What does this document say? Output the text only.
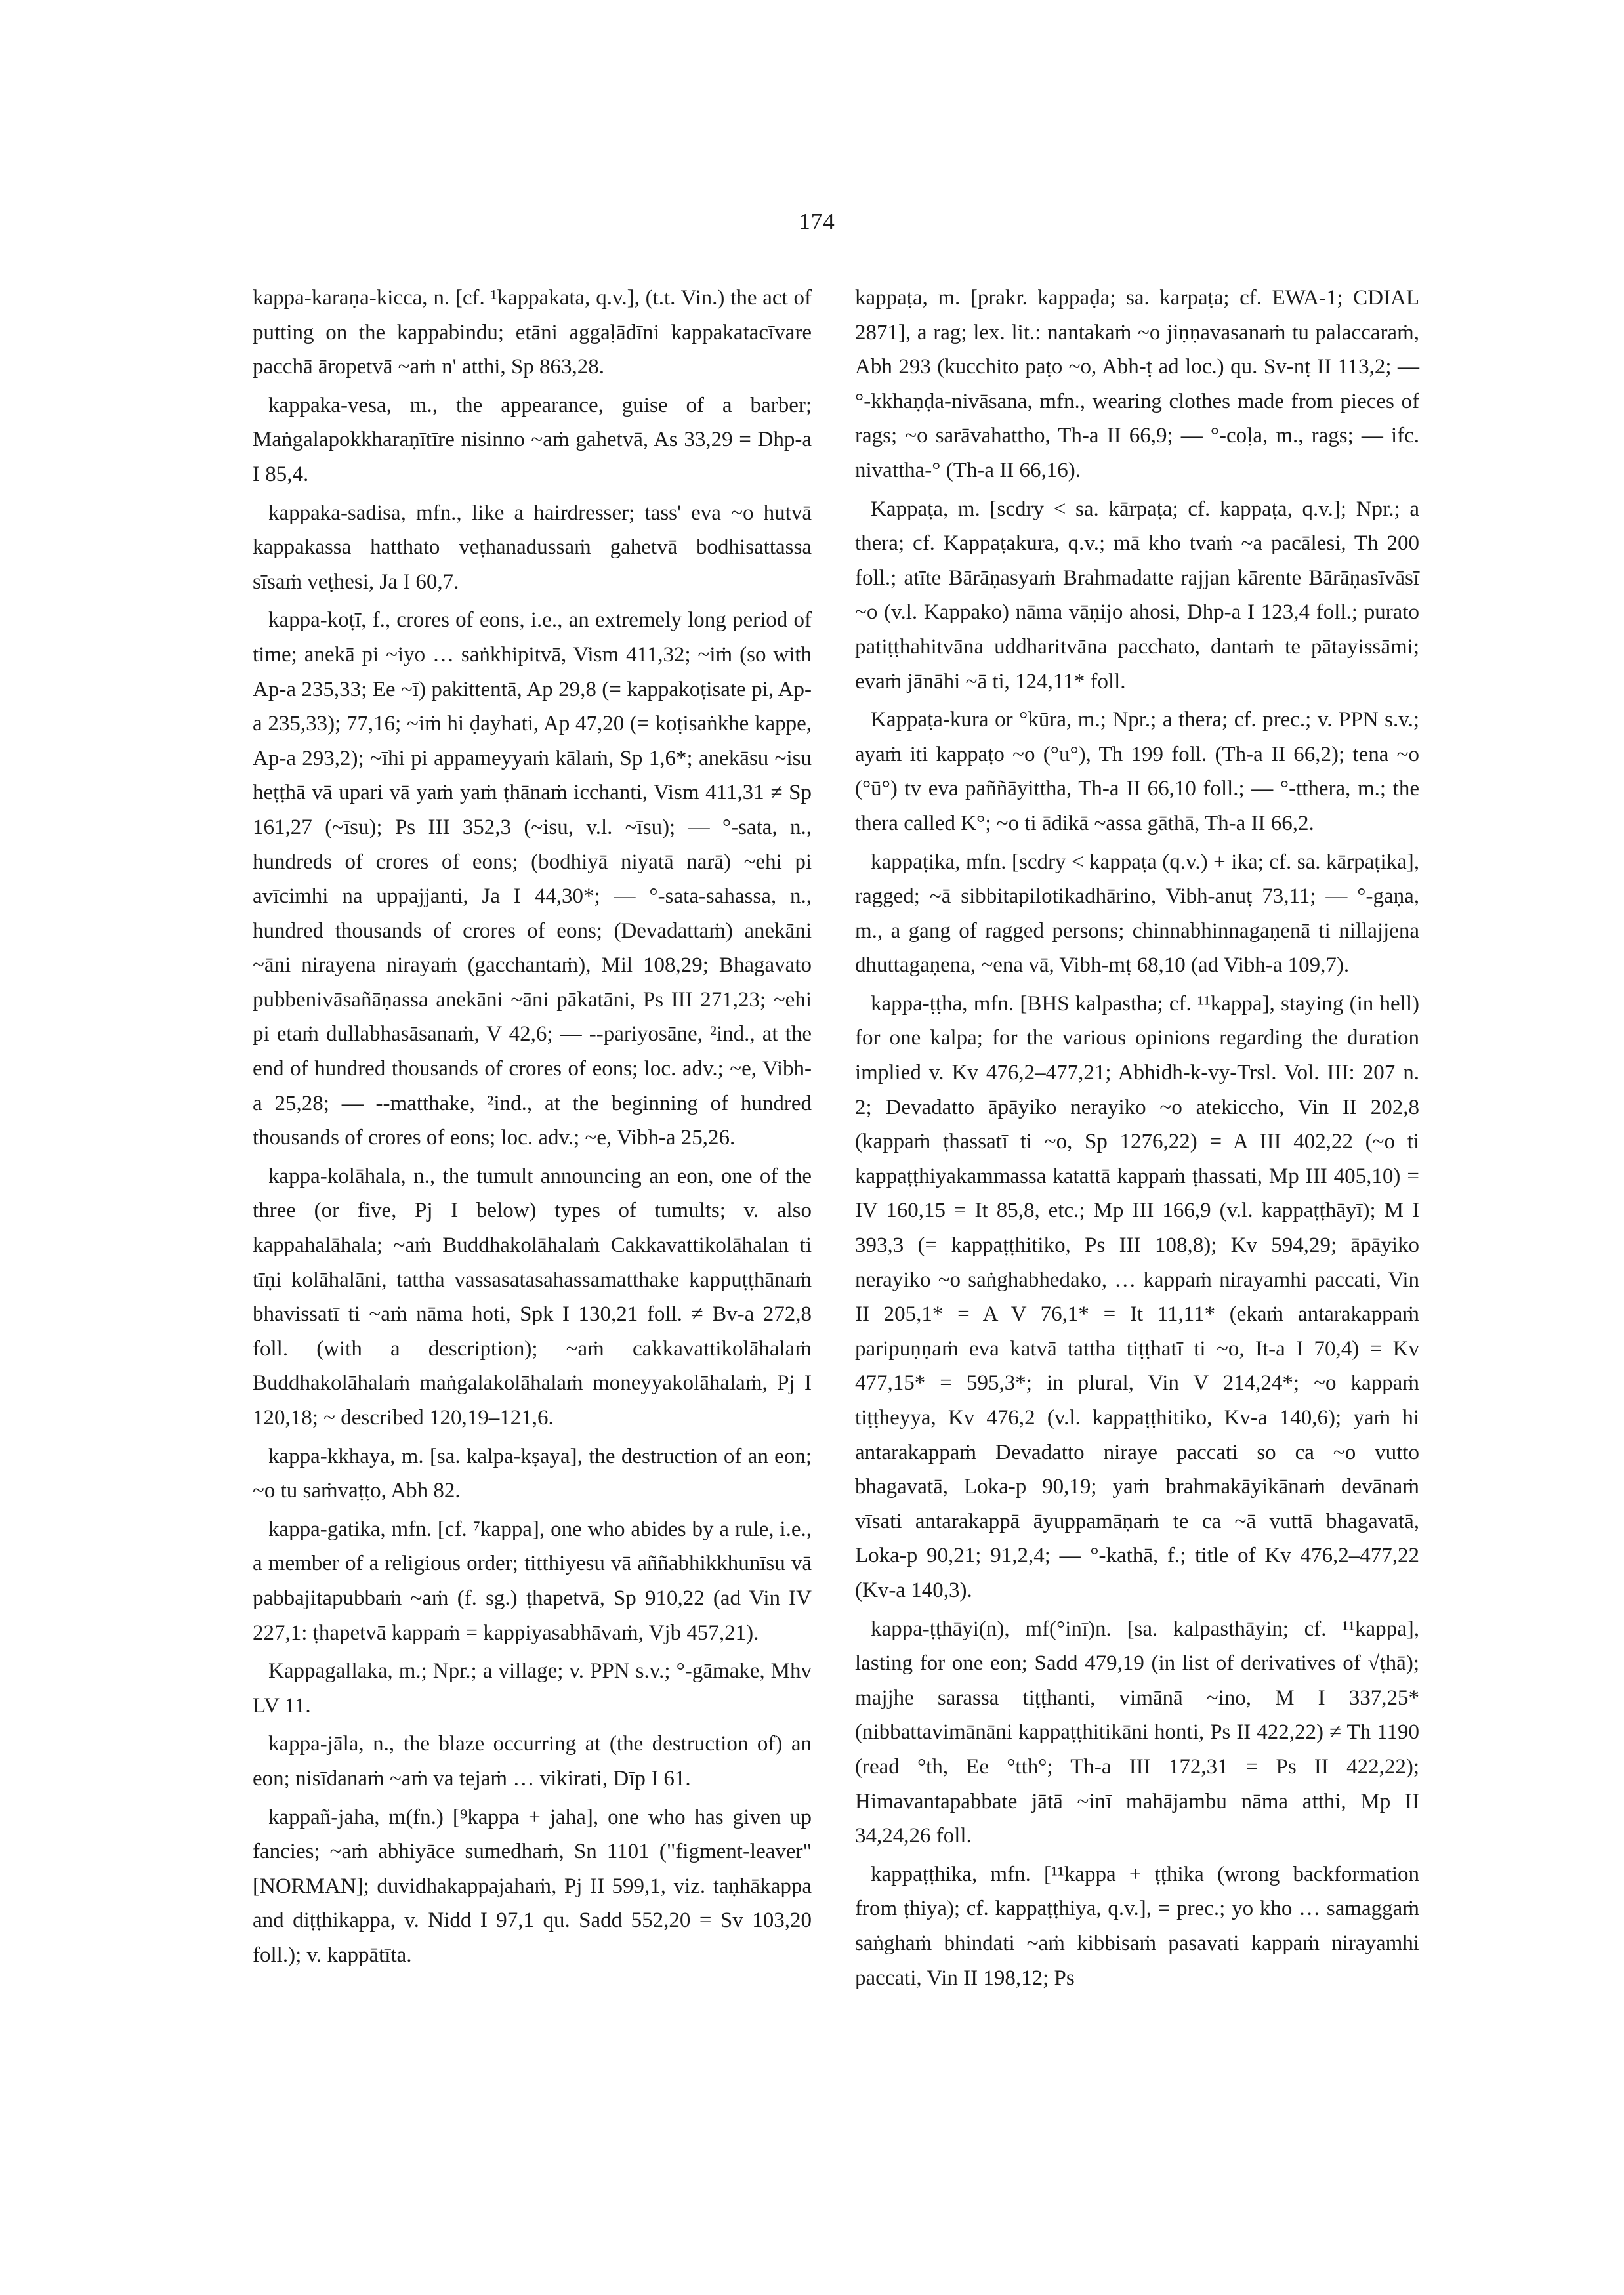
174

kappa-karaṇa-kicca, n. [cf. ¹kappakata, q.v.], (t.t. Vin.) the act of putting on the kappabindu; etāni aggaḷādīni kappakataсīvare pacchā āropetvā ~aṁ n' atthi, Sp 863,28.

kappaka-vesa, m., the appearance, guise of a barber; Maṅgalapokkharaṇītīre nisinno ~aṁ gahetvā, As 33,29 = Dhp-a I 85,4.

kappaka-sadisa, mfn., like a hairdresser; tass' eva ~o hutvā kappakassa hatthato veṭhanadussaṁ gahetvā bodhisattassa sīsaṁ veṭhesi, Ja I 60,7.

kappa-koṭī, f., crores of eons, i.e., an extremely long period of time; anekā pi ~iyo … saṅkhipitvā, Vism 411,32; ~iṁ (so with Ap-a 235,33; Ee ~ī) pakittentā, Ap 29,8 (= kappakoṭisate pi, Ap-a 235,33); 77,16; ~iṁ hi ḍayhati, Ap 47,20 (= koṭisaṅkhe kappe, Ap-a 293,2); ~īhi pi appameyyaṁ kālaṁ, Sp 1,6*; anekāsu ~isu heṭṭhā vā upari vā yaṁ yaṁ ṭhānaṁ icchanti, Vism 411,31 ≠ Sp 161,27 (~īsu); Ps III 352,3 (~isu, v.l. ~īsu); — °-sata, n., hundreds of crores of eons; (bodhiyā niyatā narā) ~ehi pi avīcimhi na uppajjanti, Ja I 44,30*; — °-sata-sahassa, n., hundred thousands of crores of eons; (Devadattaṁ) anekāni ~āni nirayena nirayaṁ (gacchantaṁ), Mil 108,29; Bhagavato pubbenivāsañāṇassa anekāni ~āni pākatāni, Ps III 271,23; ~ehi pi etaṁ dullabhasāsanaṁ, V 42,6; — --pariyosāne, ²ind., at the end of hundred thousands of crores of eons; loc. adv.; ~e, Vibh-a 25,28; — --matthake, ²ind., at the beginning of hundred thousands of crores of eons; loc. adv.; ~e, Vibh-a 25,26.

kappa-kolāhala, n., the tumult announcing an eon, one of the three (or five, Pj I below) types of tumults; v. also kappahalāhala; ~aṁ Buddhakolāhalaṁ Cakkavattikolāhalan ti tīṇi kolāhalāni, tattha vassasatasahassamatthake kappuṭṭhānaṁ bhavissatī ti ~aṁ nāma hoti, Spk I 130,21 foll. ≠ Bv-a 272,8 foll. (with a description); ~aṁ cakkavattikolāhalaṁ Buddhakolāhalaṁ maṅgalakolāhalaṁ moneyyakolāhalaṁ, Pj I 120,18; ~ described 120,19–121,6.

kappa-kkhaya, m. [sa. kalpa-kṣaya], the destruction of an eon; ~o tu saṁvaṭṭo, Abh 82.

kappa-gatika, mfn. [cf. ⁷kappa], one who abides by a rule, i.e., a member of a religious order; titthiyesu vā aññabhikkhunīsu vā pabbajitapubbaṁ ~aṁ (f. sg.) ṭhapetvā, Sp 910,22 (ad Vin IV 227,1: ṭhapetvā kappaṁ = kappiyasabhāvaṁ, Vjb 457,21).

Kappagallaka, m.; Npr.; a village; v. PPN s.v.; °-gāmake, Mhv LV 11.

kappa-jāla, n., the blaze occurring at (the destruction of) an eon; nisīdanaṁ ~aṁ va tejaṁ … vikirati, Dīp I 61.

kappañ-jaha, m(fn.) [⁹kappa + jaha], one who has given up fancies; ~aṁ abhiyāce sumedhaṁ, Sn 1101 ("figment-leaver" [NORMAN]; duvidhakappajahaṁ, Pj II 599,1, viz. taṇhākappa and diṭṭhikappa, v. Nidd I 97,1 qu. Sadd 552,20 = Sv 103,20 foll.); v. kappātīta.

kappaṭa, m. [prakr. kappaḍa; sa. karpaṭa; cf. EWA-1; CDIAL 2871], a rag; lex. lit.: nantakaṁ ~o jiṇṇavasanaṁ tu palaccaraṁ, Abh 293 (kucchito paṭo ~o, Abh-ṭ ad loc.) qu. Sv-nṭ II 113,2; — °-kkhaṇḍa-nivāsana, mfn., wearing clothes made from pieces of rags; ~o sarāvahattho, Th-a II 66,9; — °-coḷa, m., rags; — ifc. nivattha-° (Th-a II 66,16).

Kappaṭa, m. [scdry < sa. kārpaṭa; cf. kappaṭa, q.v.]; Npr.; a thera; cf. Kappaṭakura, q.v.; mā kho tvaṁ ~a pacālesi, Th 200 foll.; atīte Bārāṇasyaṁ Brahmadatte rajjan kārente Bārāṇasīvāsī ~o (v.l. Kappako) nāma vāṇijo ahosi, Dhp-a I 123,4 foll.; purato patiṭṭhahitvāna uddharitvāna pacchato, dantaṁ te pātayissāmi; evaṁ jānāhi ~ā ti, 124,11* foll.

Kappaṭa-kura or °kūra, m.; Npr.; a thera; cf. prec.; v. PPN s.v.; ayaṁ iti kappaṭo ~o (°u°), Th 199 foll. (Th-a II 66,2); tena ~o (°ū°) tv eva paññāyittha, Th-a II 66,10 foll.; — °-tthera, m.; the thera called K°; ~o ti ādikā ~assa gāthā, Th-a II 66,2.

kappaṭika, mfn. [scdry < kappaṭa (q.v.) + ika; cf. sa. kārpaṭika], ragged; ~ā sibbitapilotikadhārino, Vibh-anuṭ 73,11; — °-gaṇa, m., a gang of ragged persons; chinnabhinnagaṇenā ti nillajjena dhuttagaṇena, ~ena vā, Vibh-mṭ 68,10 (ad Vibh-a 109,7).

kappa-ṭṭha, mfn. [BHS kalpastha; cf. ¹¹kappa], staying (in hell) for one kalpa; for the various opinions regarding the duration implied v. Kv 476,2–477,21; Abhidh-k-vy-Trsl. Vol. III: 207 n. 2; Devadatto āpāyiko nerayiko ~o atekiccho, Vin II 202,8 (kappaṁ ṭhassatī ti ~o, Sp 1276,22) = A III 402,22 (~o ti kappaṭṭhiyakammassa katattā kappaṁ ṭhassati, Mp III 405,10) = IV 160,15 = It 85,8, etc.; Mp III 166,9 (v.l. kappaṭṭhāyī); M I 393,3 (= kappaṭṭhitiko, Ps III 108,8); Kv 594,29; āpāyiko nerayiko ~o saṅghabhedako, … kappaṁ nirayamhi paccati, Vin II 205,1* = A V 76,1* = It 11,11* (ekaṁ antarakappaṁ paripuṇṇaṁ eva katvā tattha tiṭṭhatī ti ~o, It-a I 70,4) = Kv 477,15* = 595,3*; in plural, Vin V 214,24*; ~o kappaṁ tiṭṭheyya, Kv 476,2 (v.l. kappaṭṭhitiko, Kv-a 140,6); yaṁ hi antarakappaṁ Devadatto niraye paccati so ca ~o vutto bhagavatā, Loka-p 90,19; yaṁ brahmakāyikānaṁ devānaṁ vīsati antarakappā āyuppamāṇaṁ te ca ~ā vuttā bhagavatā, Loka-p 90,21; 91,2,4; — °-kathā, f.; title of Kv 476,2–477,22 (Kv-a 140,3).

kappa-ṭṭhāyi(n), mf(°inī)n. [sa. kalpasthāyin; cf. ¹¹kappa], lasting for one eon; Sadd 479,19 (in list of derivatives of √ṭhā); majjhe sarassa tiṭṭhanti, vimānā ~ino, M I 337,25* (nibbattavimānāni kappaṭṭhitikāni honti, Ps II 422,22) ≠ Th 1190 (read °th, Ee °tth°; Th-a III 172,31 = Ps II 422,22); Himavantapabbate jātā ~inī mahājambu nāma atthi, Mp II 34,24,26 foll.

kappaṭṭhika, mfn. [¹¹kappa + ṭṭhika (wrong backformation from ṭhiya); cf. kappaṭṭhiya, q.v.], = prec.; yo kho … samaggaṁ saṅghaṁ bhindati ~aṁ kibbisaṁ pasavati kappaṁ nirayamhi paccati, Vin II 198,12; Ps
